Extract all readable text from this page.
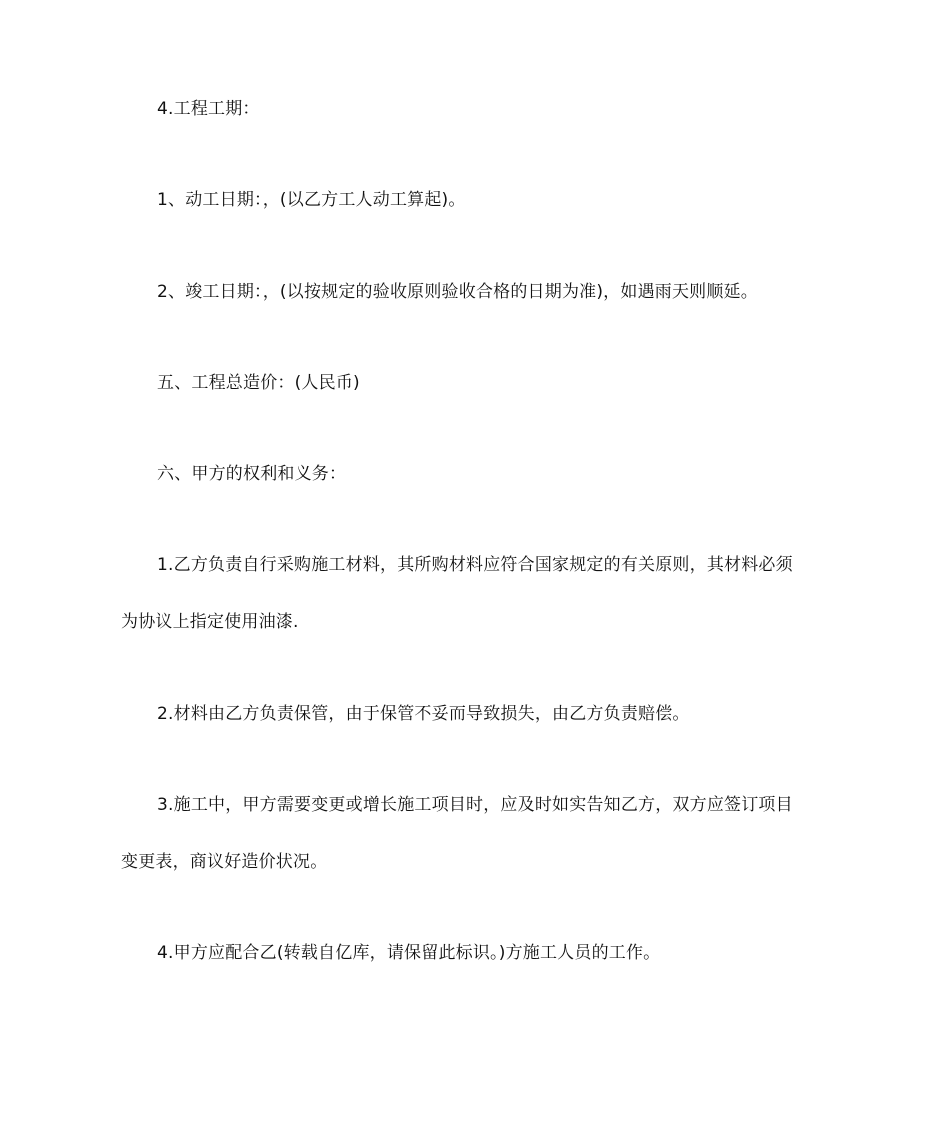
4.工程工期：
1、动工日期：，(以乙方工人动工算起)。
2、竣工日期：，(以按规定的验收原则验收合格的日期为准)，如遇雨天则顺延。
五、工程总造价：(人民币)
六、甲方的权利和义务：
1.乙方负责自行采购施工材料，其所购材料应符合国家规定的有关原则，其材料必须
为协议上指定使用油漆.
2.材料由乙方负责保管，由于保管不妥而导致损失，由乙方负责赔偿。
3.施工中，甲方需要变更或增长施工项目时，应及时如实告知乙方，双方应签订项目
变更表，商议好造价状况。
4.甲方应配合乙(转载自亿库，请保留此标识。)方施工人员的工作。
